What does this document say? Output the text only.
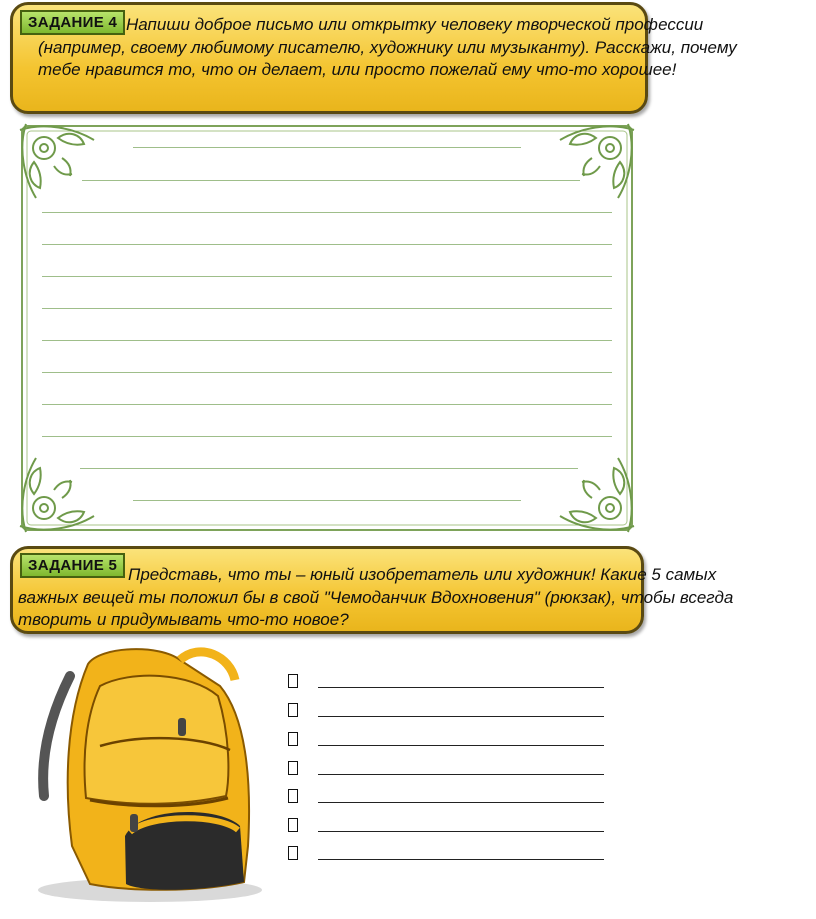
ЗАДАНИЕ 4 Напиши доброе письмо или открытку человеку творческой профессии (например, своему любимому писателю, художнику или музыканту). Расскажи, почему тебе нравится то, что он делает, или просто пожелай ему что-то хорошее!
ЗАДАНИЕ 5 Представь, что ты – юный изобретатель или художник! Какие 5 самых важных вещей ты положил бы в свой "Чемоданчик Вдохновения" (рюкзак), чтобы всегда творить и придумывать что-то новое?
